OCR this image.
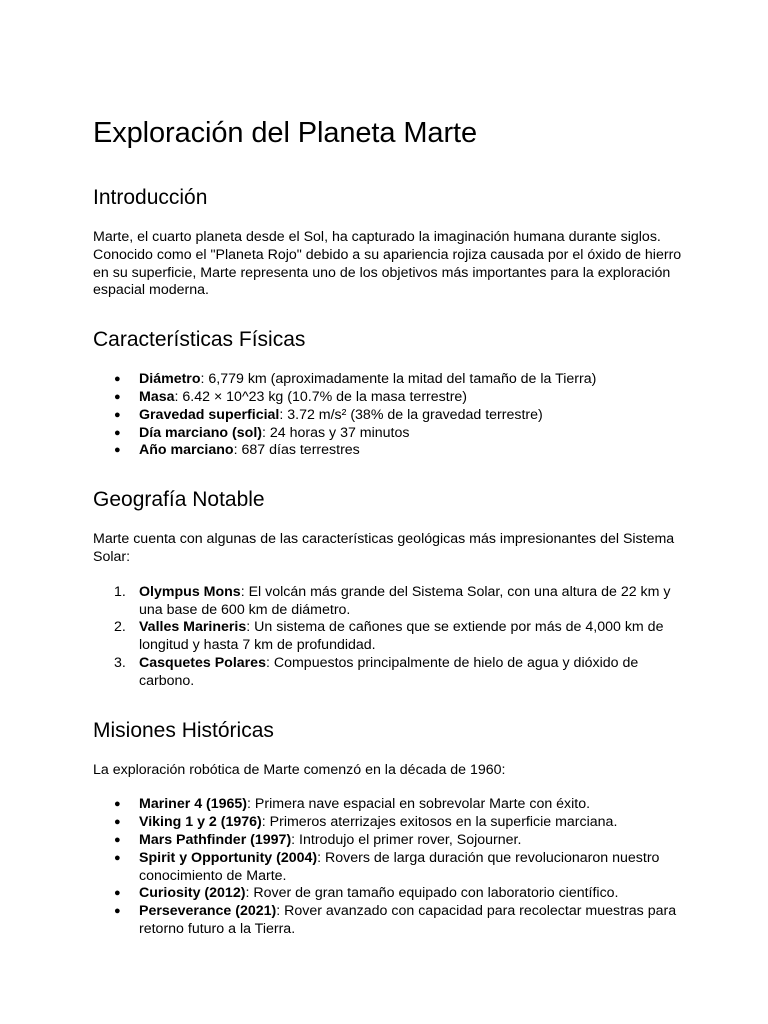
Exploración del Planeta Marte
Introducción

Marte, el cuarto planeta desde el Sol, ha capturado la imaginación humana durante siglos. Conocido como el "Planeta Rojo" debido a su apariencia rojiza causada por el óxido de hierro en su superficie, Marte representa uno de los objetivos más importantes para la exploración espacial moderna.

Características Físicas
● Diámetro: 6,779 km (aproximadamente la mitad del tamaño de la Tierra)
● Masa: 6.42 × 10^23 kg (10.7% de la masa terrestre)
● Gravedad superficial: 3.72 m/s² (38% de la gravedad terrestre)
● Día marciano (sol): 24 horas y 37 minutos
● Año marciano: 687 días terrestres
Geografía Notable

Marte cuenta con algunas de las características geológicas más impresionantes del Sistema Solar:

1. Olympus Mons: El volcán más grande del Sistema Solar, con una altura de 22 km y una base de 600 km de diámetro.
2. Valles Marineris: Un sistema de cañones que se extiende por más de 4,000 km de longitud y hasta 7 km de profundidad.
3. Casquetes Polares: Compuestos principalmente de hielo de agua y dióxido de carbono.
Misiones Históricas

La exploración robótica de Marte comenzó en la década de 1960:

● Mariner 4 (1965): Primera nave espacial en sobrevolar Marte con éxito.
● Viking 1 y 2 (1976): Primeros aterrizajes exitosos en la superficie marciana.
● Mars Pathfinder (1997): Introdujo el primer rover, Sojourner.
● Spirit y Opportunity (2004): Rovers de larga duración que revolucionaron nuestro conocimiento de Marte.
● Curiosity (2012): Rover de gran tamaño equipado con laboratorio científico.
● Perseverance (2021): Rover avanzado con capacidad para recolectar muestras para retorno futuro a la Tierra.
